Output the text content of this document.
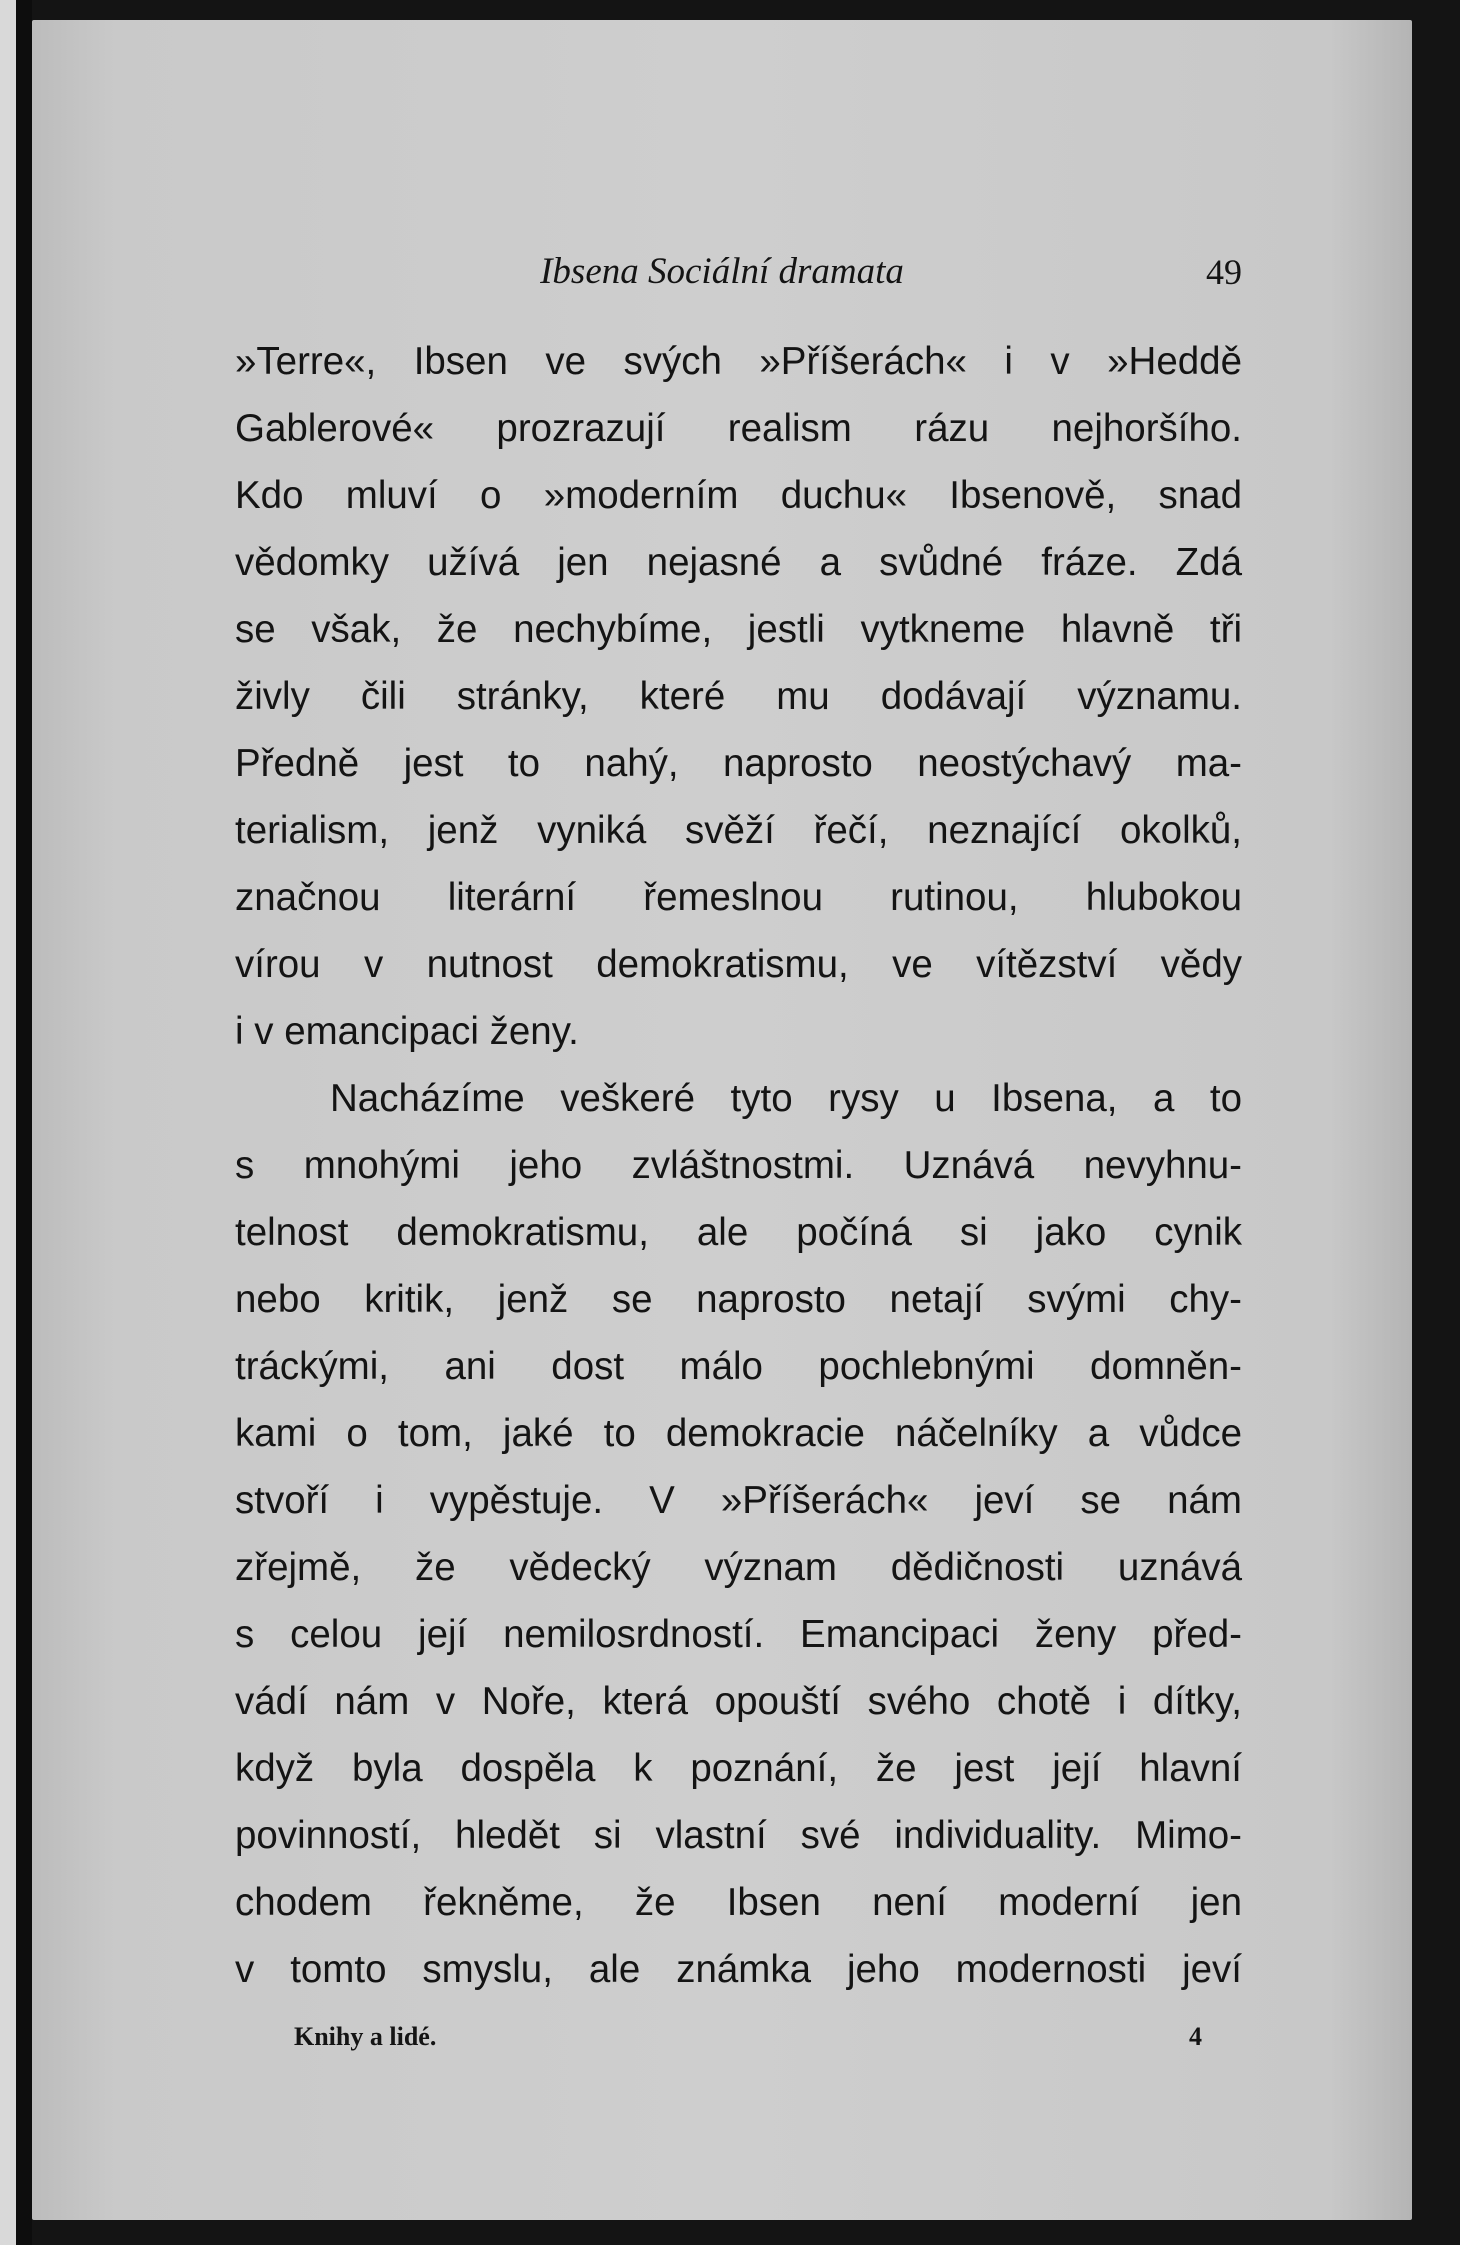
Ibsena Sociální dramata	49
»Terre«, Ibsen ve svých »Příšerách« i v »Heddě
Gablerové« prozrazují realism rázu nejhoršího.
Kdo mluví o »moderním duchu« Ibsenově, snad
vědomky užívá jen nejasné a svůdné fráze. Zdá
se však, že nechybíme, jestli vytkneme hlavně tři
živly čili stránky, které mu dodávají významu.
Předně jest to nahý, naprosto neostýchavý ma-
terialism, jenž vyniká svěží řečí, neznající okolků,
značnou literární řemeslnou rutinou, hlubokou
vírou v nutnost demokratismu, ve vítězství vědy
i v emancipaci ženy.
Nacházíme veškeré tyto rysy u Ibsena, a to
s mnohými jeho zvláštnostmi. Uznává nevyhnu-
telnost demokratismu, ale počíná si jako cynik
nebo kritik, jenž se naprosto netají svými chy-
tráckými, ani dost málo pochlebnými domněn-
kami o tom, jaké to demokracie náčelníky a vůdce
stvoří i vypěstuje. V »Příšerách« jeví se nám
zřejmě, že vědecký význam dědičnosti uznává
s celou její nemilosrdností. Emancipaci ženy před-
vádí nám v Noře, která opouští svého chotě i dítky,
když byla dospěla k poznání, že jest její hlavní
povinností, hledět si vlastní své individuality. Mimo-
chodem řekněme, že Ibsen není moderní jen
v tomto smyslu, ale známka jeho modernosti jeví
Knihy a lidé.	4
